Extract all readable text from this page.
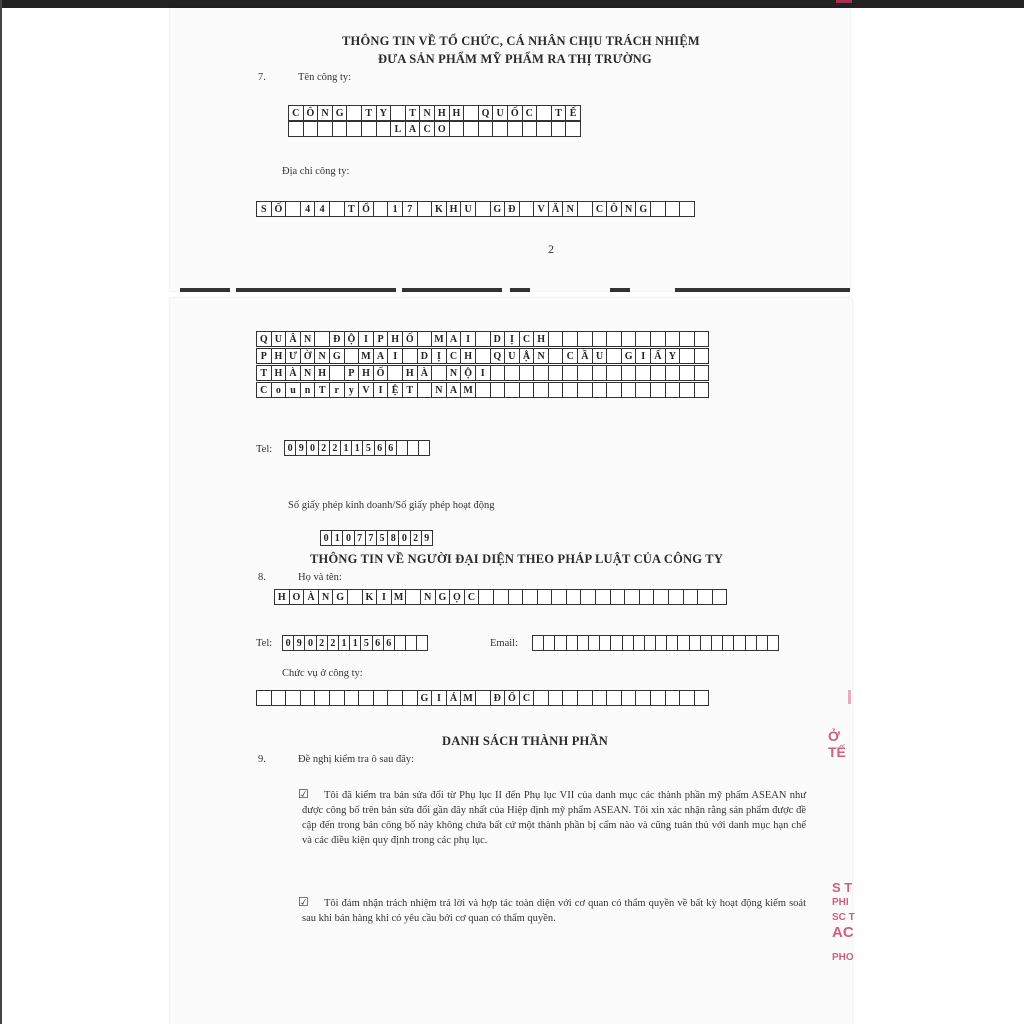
THÔNG TIN VỀ TỔ CHỨC, CÁ NHÂN CHỊU TRÁCH NHIỆM
ĐƯA SẢN PHẨM MỸ PHẨM RA THỊ TRƯỜNG
7.	Tên công ty:
C Ô N G	T Y	T N H H	Q U Ố C	T Ế
L A C O
Địa chỉ công ty:
S Ố	4 4	T Ổ	1 7	K H U	G Đ	V Ă N	C Ô N G
2
Q U Â N	Đ Ộ I P H Ố	M A I	D Ị C H
P H Ư Ờ N G	M A I	D Ị C H	Q U Ậ N	C Ầ U	G I Ấ Y
T H À N H	P H Ố	H À	N Ộ I
C o u n T r y V I Ệ T	N A M
Tel:	0 9 0 2 2 1 1 5 6 6
Số giấy phép kinh doanh/Số giấy phép hoạt động
0 1 0 7 7 5 8 0 2 9
THÔNG TIN VỀ NGƯỜI ĐẠI DIỆN THEO PHÁP LUẬT CỦA CÔNG TY
8.	Họ và tên:
H O À N G	K I M	N G Ọ C
Tel:	0 9 0 2 2 1 1 5 6 6	Email:
Chức vụ ở công ty:
G I Á M	Đ Ố C
DANH SÁCH THÀNH PHẦN
9.	Đề nghị kiểm tra ô sau đây:
☑	Tôi đã kiểm tra bản sửa đổi từ Phụ lục II đến Phụ lục VII của danh mục các thành phần mỹ phẩm ASEAN như được công bố trên bản sửa đổi gần đây nhất của Hiệp định mỹ phẩm ASEAN. Tôi xin xác nhận rằng sản phẩm được đề cập đến trong bản công bố này không chứa bất cứ một thành phần bị cấm nào và cũng tuân thủ với danh mục hạn chế và các điều kiện quy định trong các phụ lục.
☑	Tôi đảm nhận trách nhiệm trả lời và hợp tác toàn diện với cơ quan có thẩm quyền về bất kỳ hoạt động kiểm soát sau khi bán hàng khi có yêu cầu bởi cơ quan có thẩm quyền.
Ở
TẾ
S T
PHI
SC T
AC
PHO
